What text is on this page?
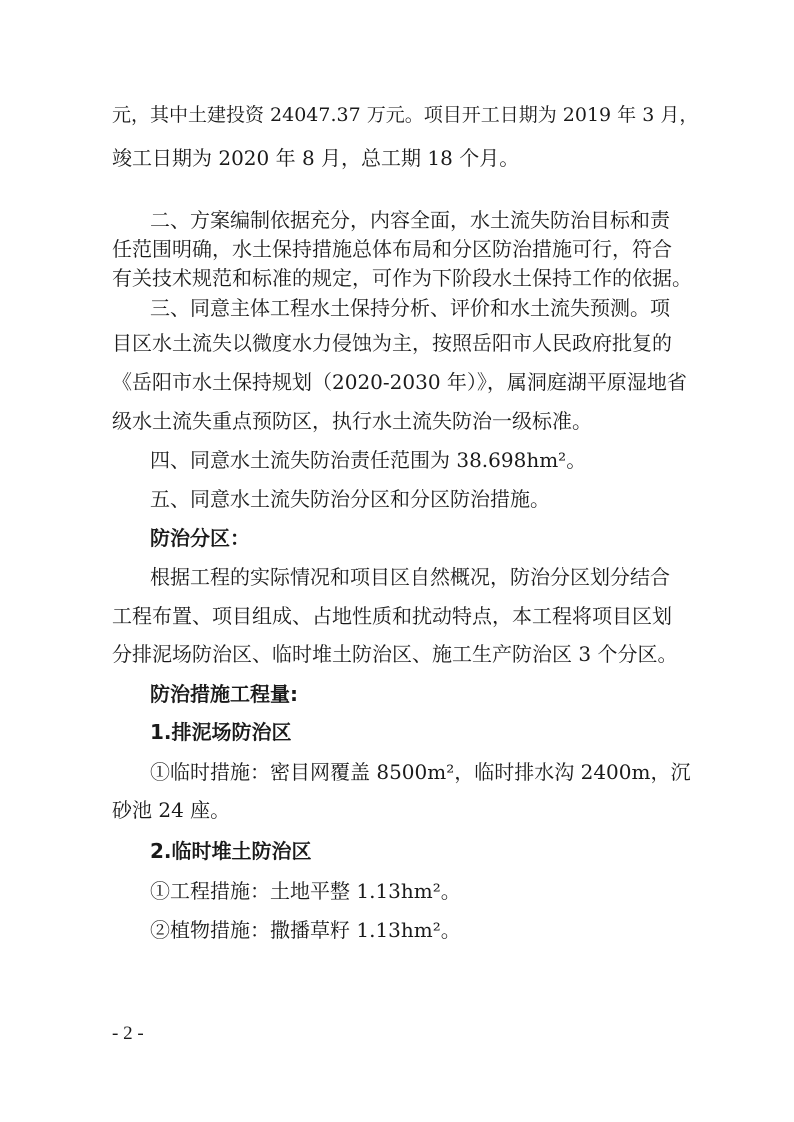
元，其中土建投资 24047.37 万元。项目开工日期为 2019 年 3 月，
竣工日期为 2020 年 8 月，总工期 18 个月。
二、方案编制依据充分，内容全面，水土流失防治目标和责
任范围明确，水土保持措施总体布局和分区防治措施可行，符合
有关技术规范和标准的规定，可作为下阶段水土保持工作的依据。
三、同意主体工程水土保持分析、评价和水土流失预测。项
目区水土流失以微度水力侵蚀为主，按照岳阳市人民政府批复的
《岳阳市水土保持规划（2020-2030 年）》，属洞庭湖平原湿地省
级水土流失重点预防区，执行水土流失防治一级标准。
四、同意水土流失防治责任范围为 38.698hm²。
五、同意水土流失防治分区和分区防治措施。
防治分区：
根据工程的实际情况和项目区自然概况，防治分区划分结合
工程布置、项目组成、占地性质和扰动特点，本工程将项目区划
分排泥场防治区、临时堆土防治区、施工生产防治区 3 个分区。
防治措施工程量:
1.排泥场防治区
①临时措施：密目网覆盖 8500m²，临时排水沟 2400m，沉
砂池 24 座。
2.临时堆土防治区
①工程措施：土地平整 1.13hm²。
②植物措施：撒播草籽 1.13hm²。
- 2 -
